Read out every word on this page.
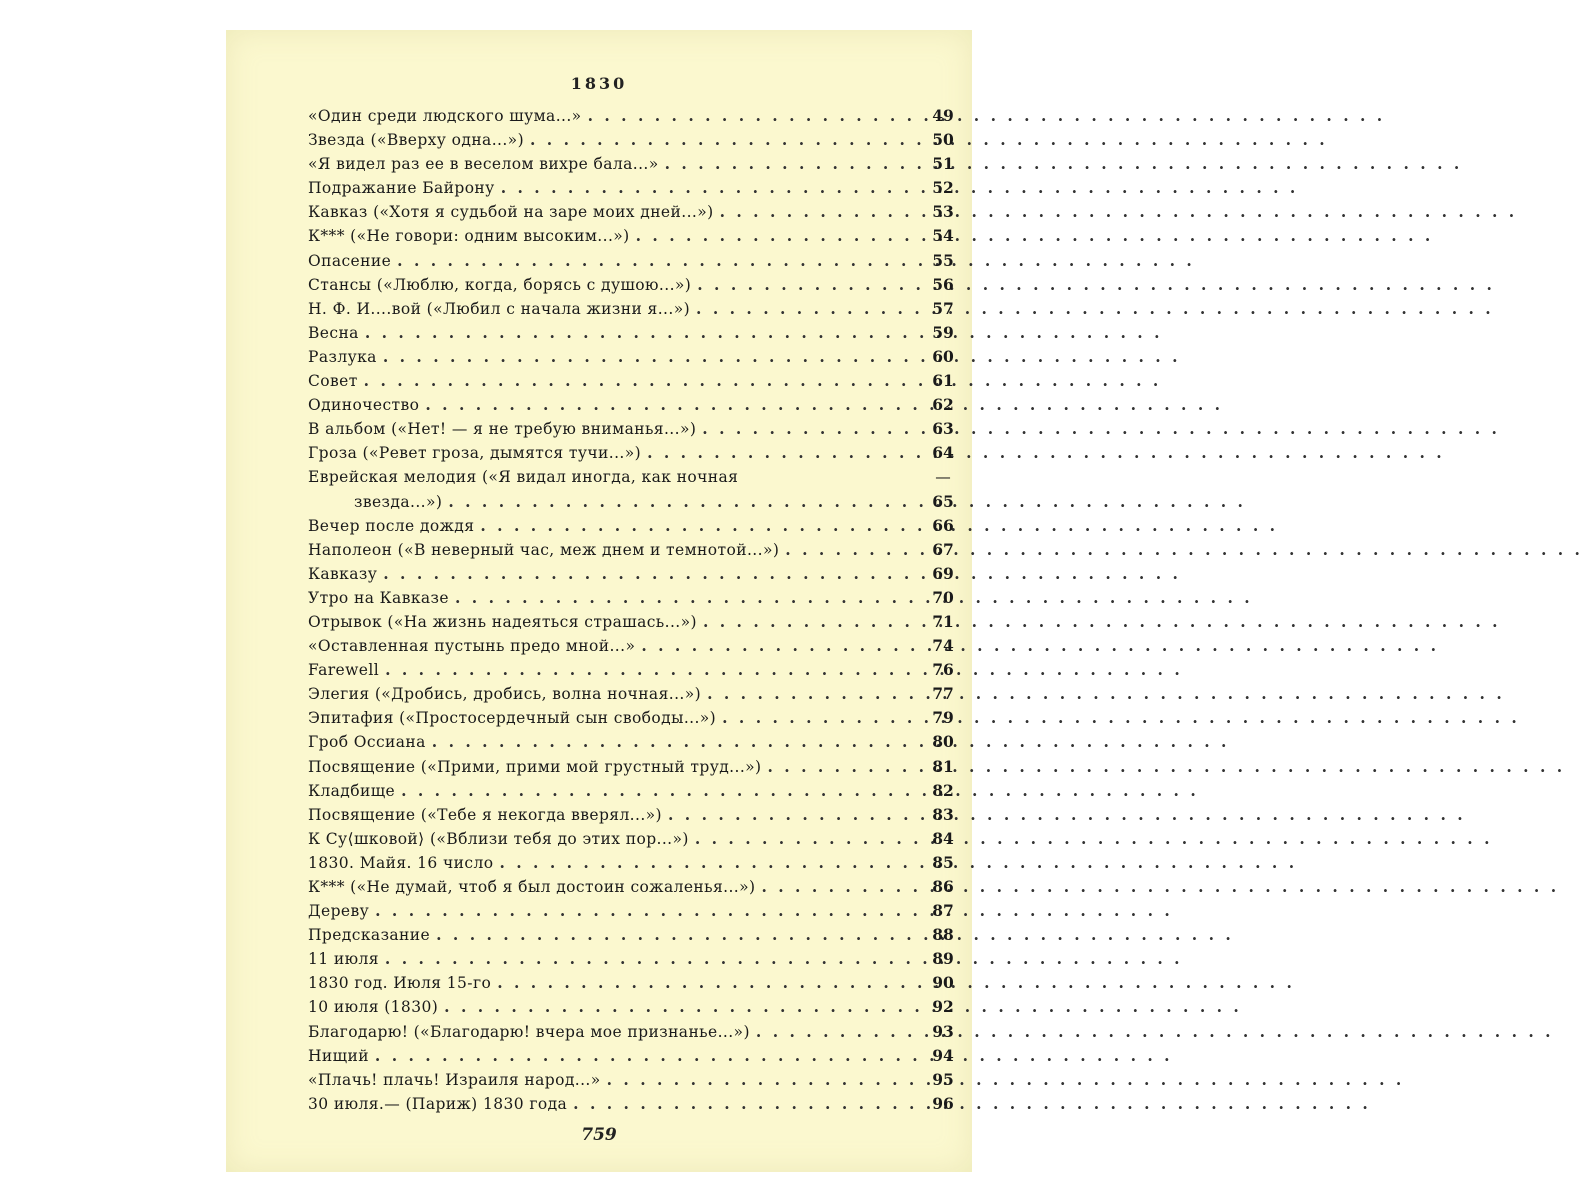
1830
«Один среди людского шума...» . . .	49
Звезда («Вверху одна...») . . .	50
«Я видел раз ее в веселом вихре бала...» . . .	51
Подражание Байрону . . .	52
Кавказ («Хотя я судьбой на заре моих дней...») . . .	53
К*** («Не говори: одним высоким...») . . .	54
Опасение . . .	55
Стансы («Люблю, когда, борясь с душою...») . . .	56
Н. Ф. И....вой («Любил с начала жизни я...») . . .	57
Весна . . .	59
Разлука . . .	60
Совет . . .	61
Одиночество . . .	62
В альбом («Нет! — я не требую вниманья...») . . .	63
Гроза («Ревет гроза, дымятся тучи...») . . .	64
Еврейская мелодия («Я видал иногда, как ночная	—
звезда...») . . .	65
Вечер после дождя . . .	66
Наполеон («В неверный час, меж днем и темнотой...») . . .	67
Кавказу . . .	69
Утро на Кавказе . . .	70
Отрывок («На жизнь надеяться страшась...») . . .	71
«Оставленная пустынь предо мной...» . . .	74
Farewell . . .	76
Элегия («Дробись, дробись, волна ночная...») . . .	77
Эпитафия («Простосердечный сын свободы...») . . .	79
Гроб Оссиана . . .	80
Посвящение («Прими, прими мой грустный труд...») . . .	81
Кладбище . . .	82
Посвящение («Тебе я некогда вверял...») . . .	83
К Су⟨шковой⟩ («Вблизи тебя до этих пор...») . . .	84
1830. Майя. 16 число . . .	85
К*** («Не думай, чтоб я был достоин сожаленья...») . . .	86
Дереву . . .	87
Предсказание . . .	88
11 июля . . .	89
1830 год. Июля 15-го . . .	90
10 июля (1830) . . .	92
Благодарю! («Благодарю! вчера мое признанье...») . . .	93
Нищий . . .	94
«Плачь! плачь! Израиля народ...» . . .	95
30 июля.— (Париж) 1830 года . . .	96
759
